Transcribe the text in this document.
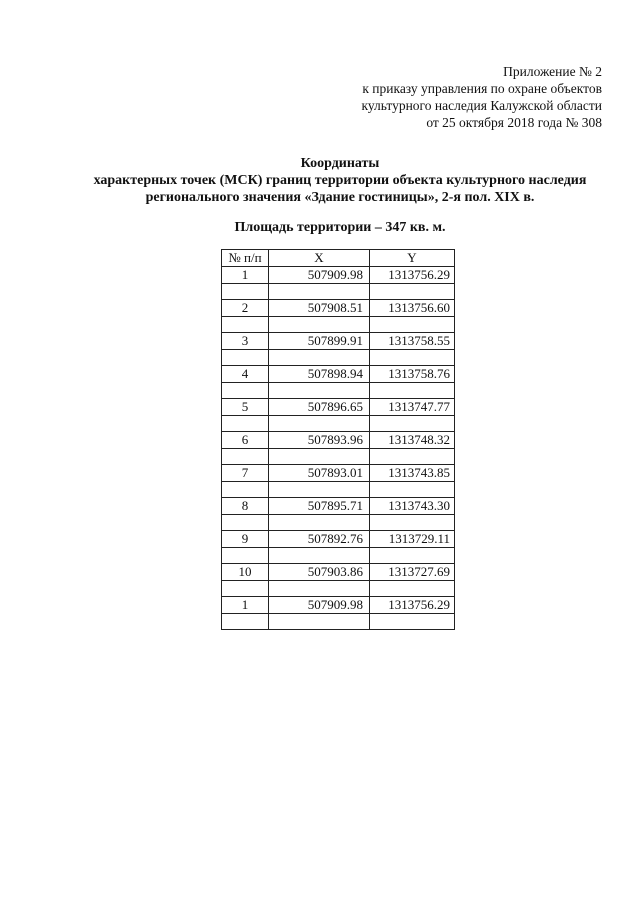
Приложение № 2
к приказу управления по охране объектов
культурного наследия Калужской области
от 25 октября 2018 года № 308
Координаты
характерных точек (МСК) границ территории объекта культурного наследия
регионального значения «Здание гостиницы», 2-я пол. XIX в.
Площадь территории – 347 кв. м.
№ п/п	X	Y
1	507909.98	1313756.29

2	507908.51	1313756.60

3	507899.91	1313758.55

4	507898.94	1313758.76

5	507896.65	1313747.77

6	507893.96	1313748.32

7	507893.01	1313743.85

8	507895.71	1313743.30

9	507892.76	1313729.11

10	507903.86	1313727.69

1	507909.98	1313756.29
